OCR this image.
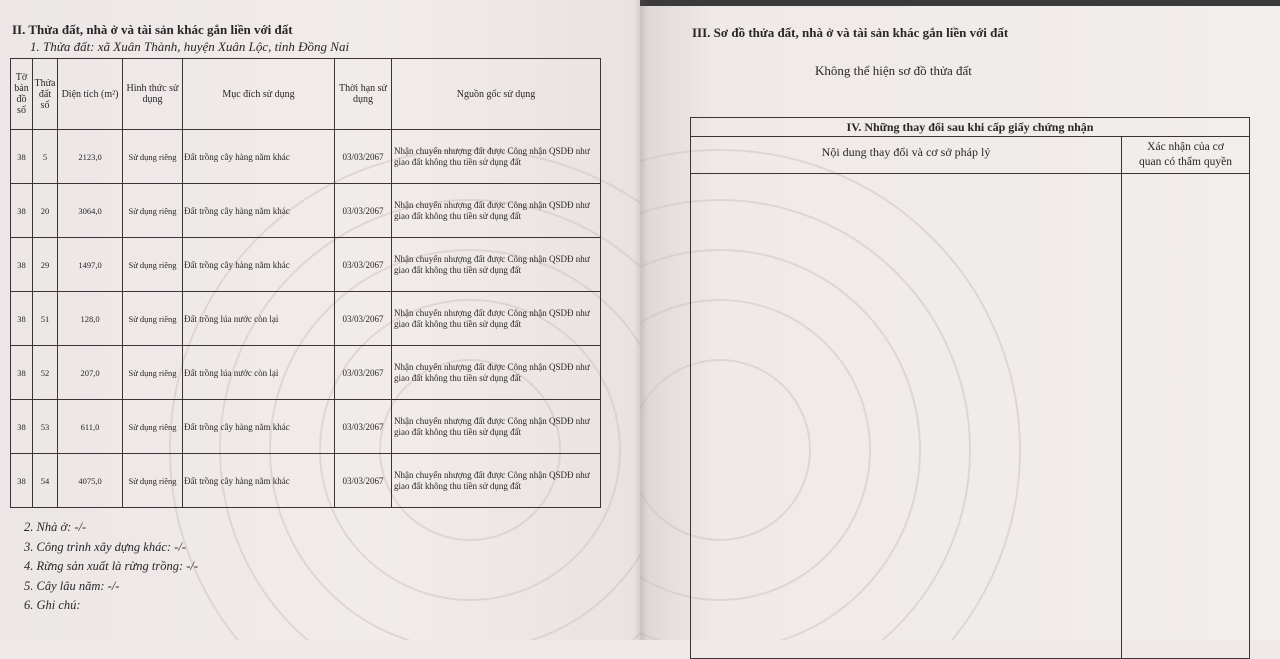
II. Thửa đất, nhà ở và tài sản khác gắn liền với đất
1. Thửa đất: xã Xuân Thành, huyện Xuân Lộc, tỉnh Đồng Nai
Tờ bản đồ số	Thửa đất số	Diện tích (m²)	Hình thức sử dụng	Mục đích sử dụng	Thời hạn sử dụng	Nguồn gốc sử dụng
38	5	2123,0	Sử dụng riêng	Đất trồng cây hàng năm khác	03/03/2067	Nhận chuyển nhượng đất được Công nhận QSDĐ như giao đất không thu tiền sử dụng đất
38	20	3064,0	Sử dụng riêng	Đất trồng cây hàng năm khác	03/03/2067	Nhận chuyển nhượng đất được Công nhận QSDĐ như giao đất không thu tiền sử dụng đất
38	29	1497,0	Sử dụng riêng	Đất trồng cây hàng năm khác	03/03/2067	Nhận chuyển nhượng đất được Công nhận QSDĐ như giao đất không thu tiền sử dụng đất
38	51	128,0	Sử dụng riêng	Đất trồng lúa nước còn lại	03/03/2067	Nhận chuyển nhượng đất được Công nhận QSDĐ như giao đất không thu tiền sử dụng đất
38	52	207,0	Sử dụng riêng	Đất trồng lúa nước còn lại	03/03/2067	Nhận chuyển nhượng đất được Công nhận QSDĐ như giao đất không thu tiền sử dụng đất
38	53	611,0	Sử dụng riêng	Đất trồng cây hàng năm khác	03/03/2067	Nhận chuyển nhượng đất được Công nhận QSDĐ như giao đất không thu tiền sử dụng đất
38	54	4075,0	Sử dụng riêng	Đất trồng cây hàng năm khác	03/03/2067	Nhận chuyển nhượng đất được Công nhận QSDĐ như giao đất không thu tiền sử dụng đất
2. Nhà ở: -/-
3. Công trình xây dựng khác: -/-
4. Rừng sản xuất là rừng trồng: -/-
5. Cây lâu năm: -/-
6. Ghi chú:
III. Sơ đồ thửa đất, nhà ở và tài sản khác gắn liền với đất
Không thể hiện sơ đồ thửa đất
IV. Những thay đổi sau khi cấp giấy chứng nhận
Nội dung thay đổi và cơ sở pháp lý	Xác nhận của cơ
quan có thẩm quyền
